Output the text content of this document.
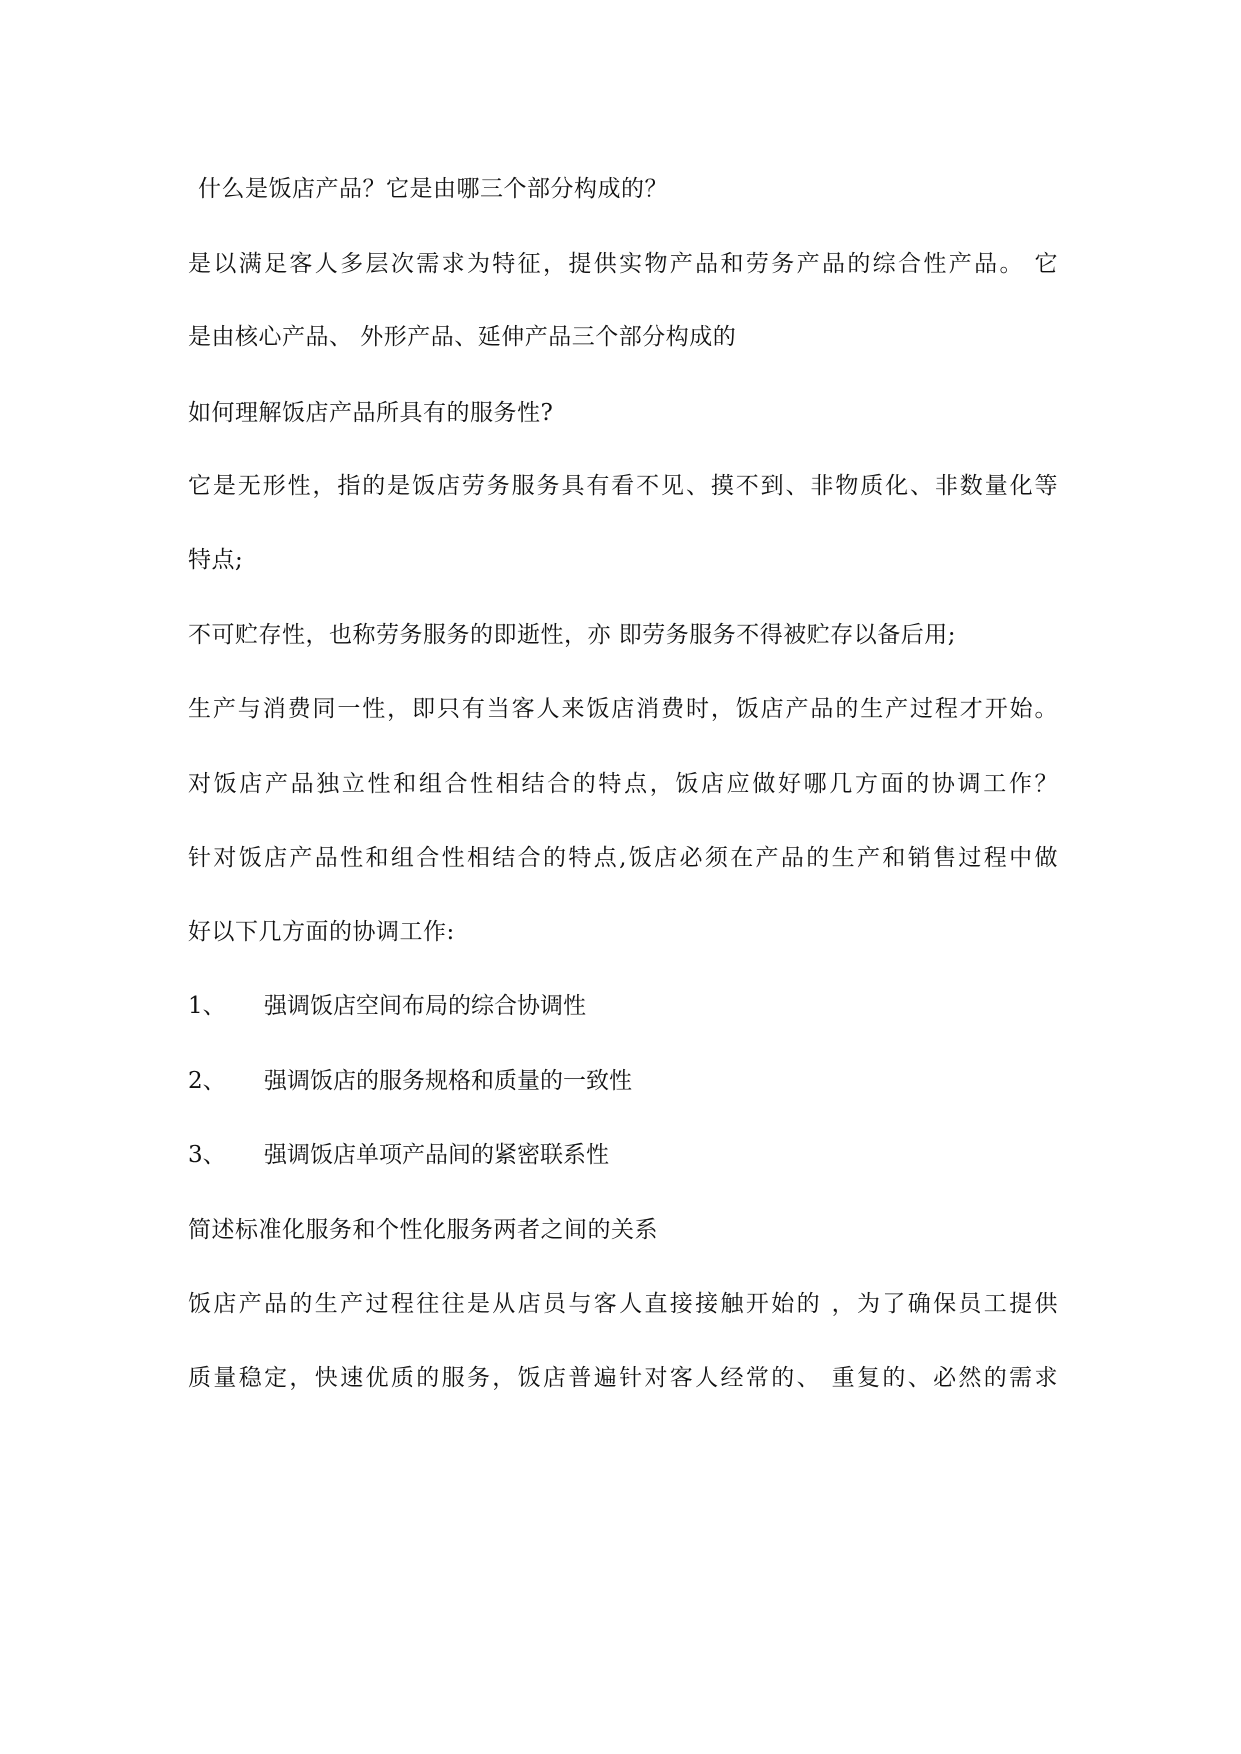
什么是饭店产品？它是由哪三个部分构成的？
是以满足客人多层次需求为特征，提供实物产品和劳务产品的综合性产品。 它
是由核心产品、 外形产品、延伸产品三个部分构成的
如何理解饭店产品所具有的服务性?
它是无形性，指的是饭店劳务服务具有看不见、摸不到、非物质化、非数量化等
特点;
不可贮存性，也称劳务服务的即逝性，亦 即劳务服务不得被贮存以备后用;
生产与消费同一性，即只有当客人来饭店消费时，饭店产品的生产过程才开始。
对饭店产品独立性和组合性相结合的特点，饭店应做好哪几方面的协调工作？
针对饭店产品性和组合性相结合的特点,饭店必须在产品的生产和销售过程中做
好以下几方面的协调工作:
1、 强调饭店空间布局的综合协调性
2、 强调饭店的服务规格和质量的一致性
3、 强调饭店单项产品间的紧密联系性
简述标准化服务和个性化服务两者之间的关系
饭店产品的生产过程往往是从店员与客人直接接触开始的 ，为了确保员工提供
质量稳定，快速优质的服务，饭店普遍针对客人经常的、 重复的、必然的需求
